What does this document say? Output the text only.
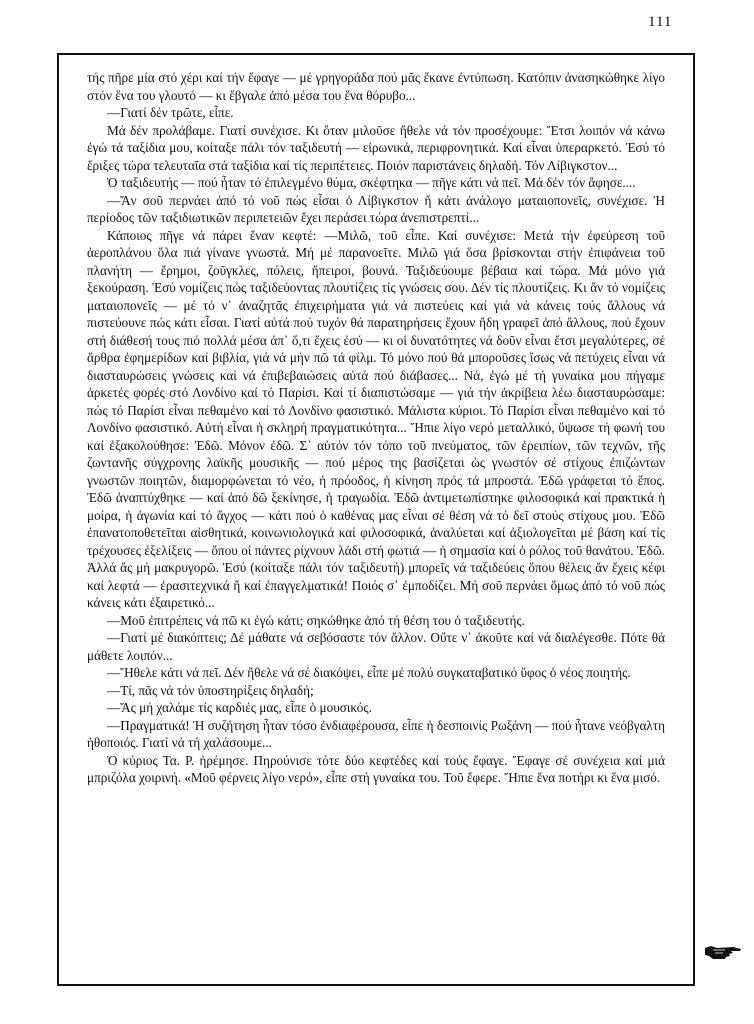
111

τής πῆρε μία στό χέρι καί τήν ἔφαγε — μέ γρηγοράδα πού μᾶς ἔκανε ἐντύπωση. Κατόπιν ἀνασηκώθηκε λίγο στόν ἕνα του γλουτό — κι ἔβγαλε ἀπό μέσα του ἕνα θόρυβο...

—Γιατί δέν τρῶτε, εἶπε.

Μά δέν προλάβαμε. Γιατί συνέχισε. Κι ὅταν μιλοῦσε ἤθελε νά τόν προσέχουμε: Ἔτσι λοιπόν νά κάνω ἐγώ τά ταξίδια μου, κοίταξε πάλι τόν ταξιδευτή — εἰρωνικά, περιφρονητικά. Καί εἶναι ὑπεραρκετό. Ἐσύ τό ἔριξες τώρα τελευταῖα στά ταξίδια καί τίς περιπέτειες. Ποιόν παριστάνεις δηλαδή. Τόν Λίβιγκστον...

Ὁ ταξιδευτής — πού ἦταν τό ἐπιλεγμένο θύμα, σκέφτηκα — πῆγε κάτι νά πεῖ. Μά δέν τόν ἄφησε....

—Ἄν σοῦ περνάει ἀπό τό νοῦ πώς εἶσαι ὁ Λίβιγκστον ἤ κάτι ἀνάλογο ματαιοπονεῖς, συνέχισε. Ἡ περίοδος τῶν ταξιδιωτικῶν περιπετειῶν ἔχει περάσει τώρα ἀνεπιστρεπτί...

Κάποιος πῆγε νά πάρει ἕναν κεφτέ: —Μιλῶ, τοῦ εἶπε. Καί συνέχισε: Μετά τήν ἐφεύρεση τοῦ ἀεροπλάνου ὅλα πιά γίνανε γνωστά. Μή μέ παρανοεῖτε. Μιλῶ γιά ὅσα βρίσκονται στήν ἐπιφάνεια τοῦ πλανήτη — ἔρημοι, ζοῦγκλες, πόλεις, ἤπειροι, βουνά. Ταξιδεύουμε βέβαια καί τώρα. Μά μόνο γιά ξεκούραση. Ἐσύ νομίζεις πώς ταξιδεύοντας πλουτίζεις τίς γνώσεις σου. Δέν τίς πλουτίζεις. Κι ἄν τό νομίζεις ματαιοπονεῖς — μέ τό ν᾿ ἀναζητᾶς ἐπιχειρήματα γιά νά πιστεύεις καί γιά νά κάνεις τούς ἄλλους νά πιστεύουνε πώς κάτι εἶσαι. Γιατί αὐτά πού τυχόν θά παρατηρήσεις ἔχουν ἤδη γραφεῖ ἀπό ἄλλους, πού ἔχουν στή διάθεσή τους πιό πολλά μέσα ἀπ᾿ ὅ,τι ἔχεις ἐσύ — κι οἱ δυνατότητες νά δοῦν εἶναι ἔτσι μεγαλύτερες, σέ ἄρθρα ἐφημερίδων καί βιβλία, γιά νά μήν πῶ τά φίλμ. Τό μόνο πού θά μποροῦσες ἴσως νά πετύχεις εἶναι νά διασταυρώσεις γνώσεις καί νά ἐπιβεβαιώσεις αὐτά πού διάβασες... Νά, ἐγώ μέ τή γυναίκα μου πήγαμε ἀρκετές φορές στό Λονδίνο καί τό Παρίσι. Καί τί διαπιστώσαμε — γιά τήν ἀκρίβεια λέω διασταυρώσαμε: πώς τό Παρίσι εἶναι πεθαμένο καί τό Λονδίνο φασιστικό. Μάλιστα κύριοι. Τό Παρίσι εἶναι πεθαμένο καί τό Λονδίνο φασιστικό. Αὐτή εἶναι ἡ σκληρή πραγματικότητα... Ἤπιε λίγο νερό μεταλλικό, ὕψωσε τή φωνή του καί ἐξακολούθησε: Ἐδῶ. Μόνον ἐδῶ. Σ᾿ αὐτόν τόν τόπο τοῦ πνεύματος, τῶν ἐρειπίων, τῶν τεχνῶν, τῆς ζωντανῆς σύγχρονης λαϊκῆς μουσικῆς — πού μέρος της βασίζεται ὡς γνωστόν σέ στίχους ἐπιζώντων γνωστῶν ποιητῶν, διαμορφώνεται τό νέο, ἡ πρόοδος, ἡ κίνηση πρός τά μπροστά. Ἐδῶ γράφεται τό ἔπος. Ἐδῶ ἀναπτύχθηκε — καί ἀπό δῶ ξεκίνησε, ἡ τραγωδία. Ἐδῶ ἀντιμετωπίστηκε φιλοσοφικά καί πρακτικά ἡ μοίρα, ἡ ἀγωνία καί τό ἄγχος — κάτι πού ὁ καθένας μας εἶναι σέ θέση νά τό δεῖ στούς στίχους μου. Ἐδῶ ἐπανατοποθετεῖται αἰσθητικά, κοινωνιολογικά καί φιλοσοφικά, ἀναλύεται καί ἀξιολογεῖται μέ βάση καί τίς τρέχουσες ἐξελίξεις — ὅπου οἱ πάντες ρίχνουν λάδι στή φωτιά — ἡ σημασία καί ὁ ρόλος τοῦ θανάτου. Ἐδῶ. Ἀλλά ἄς μή μακρυγορῶ. Ἐσύ (κοίταξε πάλι τόν ταξιδευτή) μπορεῖς νά ταξιδεύεις ὅπου θέλεις ἄν ἔχεις κέφι καί λεφτά — ἐρασιτεχνικά ἤ καί ἐπαγγελματικά! Ποιός σ᾿ ἐμποδίζει. Μή σοῦ περνάει ὅμως ἀπό τό νοῦ πώς κάνεις κάτι ἐξαιρετικό...

—Μοῦ ἐπιτρέπεις νά πῶ κι ἐγώ κάτι; σηκώθηκε ἀπό τή θέση του ὁ ταξιδευτής.

—Γιατί μέ διακόπτεις; Δέ μάθατε νά σεβόσαστε τόν ἄλλον. Οὔτε ν᾿ ἀκοῦτε καί νά διαλέγεσθε. Πότε θά μάθετε λοιπόν...

—Ἤθελε κάτι νά πεῖ. Δέν ἤθελε νά σέ διακόψει, εἶπε μέ πολύ συγκαταβατικό ὕφος ὁ νέος ποιητής.

—Τί, πᾶς νά τόν ὑποστηρίξεις δηλαδή;

—Ἄς μή χαλάμε τίς καρδιές μας, εἶπε ὁ μουσικός.

—Πραγματικά! Ἡ συζήτηση ἦταν τόσο ἐνδιαφέρουσα, εἶπε ἡ δεσποινίς Ρωξάνη — πού ἦτανε νεόβγαλτη ἠθοποιός. Γιατί νά τή χαλάσουμε...

Ὁ κύριος Τα. Ρ. ἠρέμησε. Πηρούνισε τότε δύο κεφτέδες καί τούς ἔφαγε. Ἔφαγε σέ συνέχεια καί μιά μπριζόλα χοιρινή. «Μοῦ φέρνεις λίγο νερό», εἶπε στή γυναίκα του. Τοῦ ἔφερε. Ἤπιε ἕνα ποτήρι κι ἕνα μισό.
